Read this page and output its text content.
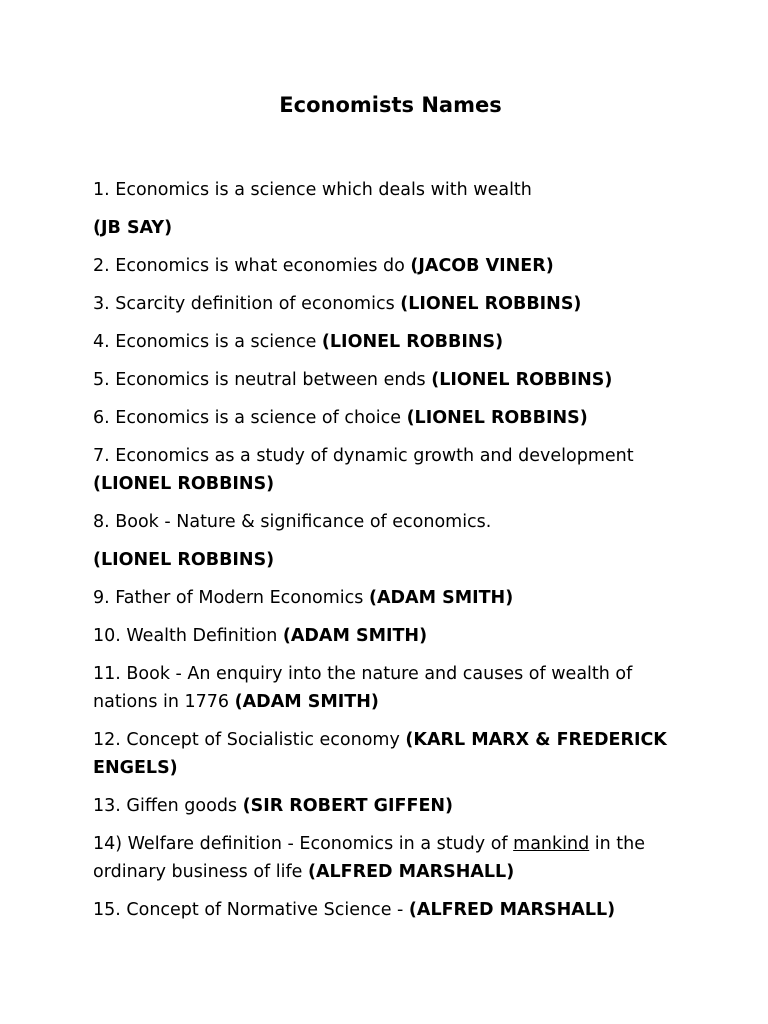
Economists Names

1. Economics is a science which deals with wealth

(JB SAY)

2. Economics is what economies do (JACOB VINER)

3. Scarcity definition of economics (LIONEL ROBBINS)

4. Economics is a science (LIONEL ROBBINS)

5. Economics is neutral between ends (LIONEL ROBBINS)

6. Economics is a science of choice (LIONEL ROBBINS)

7. Economics as a study of dynamic growth and development (LIONEL ROBBINS)

8. Book - Nature & significance of economics.

(LIONEL ROBBINS)

9. Father of Modern Economics (ADAM SMITH)

10. Wealth Definition (ADAM SMITH)

11. Book - An enquiry into the nature and causes of wealth of nations in 1776 (ADAM SMITH)

12. Concept of Socialistic economy (KARL MARX & FREDERICK ENGELS)

13. Giffen goods (SIR ROBERT GIFFEN)

14) Welfare definition - Economics in a study of mankind in the ordinary business of life (ALFRED MARSHALL)

15. Concept of Normative Science - (ALFRED MARSHALL)
